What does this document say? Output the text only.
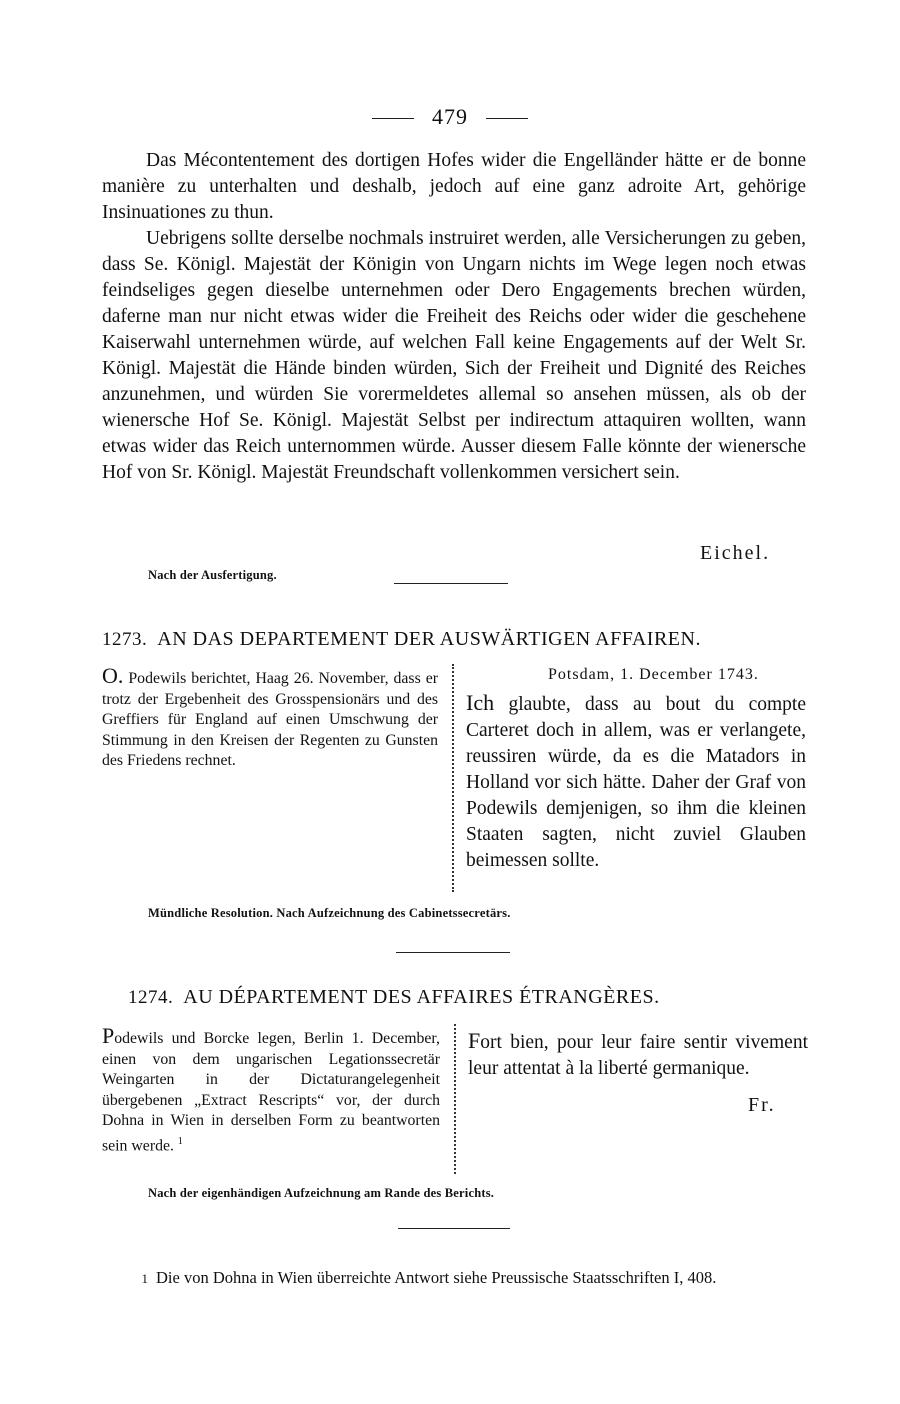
479

Das Mécontentement des dortigen Hofes wider die Engelländer hätte er de bonne manière zu unterhalten und deshalb, jedoch auf eine ganz adroite Art, gehörige Insinuationes zu thun.

Uebrigens sollte derselbe nochmals instruiret werden, alle Versicherungen zu geben, dass Se. Königl. Majestät der Königin von Ungarn nichts im Wege legen noch etwas feindseliges gegen dieselbe unternehmen oder Dero Engagements brechen würden, daferne man nur nicht etwas wider die Freiheit des Reichs oder wider die geschehene Kaiserwahl unternehmen würde, auf welchen Fall keine Engagements auf der Welt Sr. Königl. Majestät die Hände binden würden, Sich der Freiheit und Dignité des Reiches anzunehmen, und würden Sie vorermeldetes allemal so ansehen müssen, als ob der wienersche Hof Se. Königl. Majestät Selbst per indirectum attaquiren wollten, wann etwas wider das Reich unternommen würde. Ausser diesem Falle könnte der wienersche Hof von Sr. Königl. Majestät Freundschaft vollenkommen versichert sein.

Eichel.
Nach der Ausfertigung.
1273. AN DAS DEPARTEMENT DER AUSWÄRTIGEN AFFAIREN.
O. Podewils berichtet, Haag 26. November, dass er trotz der Ergebenheit des Grosspensionärs und des Greffiers für England auf einen Umschwung der Stimmung in den Kreisen der Regenten zu Gunsten des Friedens rechnet.
Potsdam, 1. December 1743.
Ich glaubte, dass au bout du compte Carteret doch in allem, was er verlangete, reussiren würde, da es die Matadors in Holland vor sich hätte. Daher der Graf von Podewils demjenigen, so ihm die kleinen Staaten sagten, nicht zuviel Glauben beimessen sollte.
Mündliche Resolution. Nach Aufzeichnung des Cabinetssecretärs.
1274. AU DÉPARTEMENT DES AFFAIRES ÉTRANGÈRES.
Podewils und Borcke legen, Berlin 1. December, einen von dem ungarischen Legationssecretär Weingarten in der Dictaturangelegenheit übergebenen „Extract Rescripts“ vor, der durch Dohna in Wien in derselben Form zu beantworten sein werde. $^1$
Fort bien, pour leur faire sentir vivement leur attentat à la liberté germanique.
Fr.
Nach der eigenhändigen Aufzeichnung am Rande des Berichts.
1 Die von Dohna in Wien überreichte Antwort siehe Preussische Staatsschriften I, 408.
